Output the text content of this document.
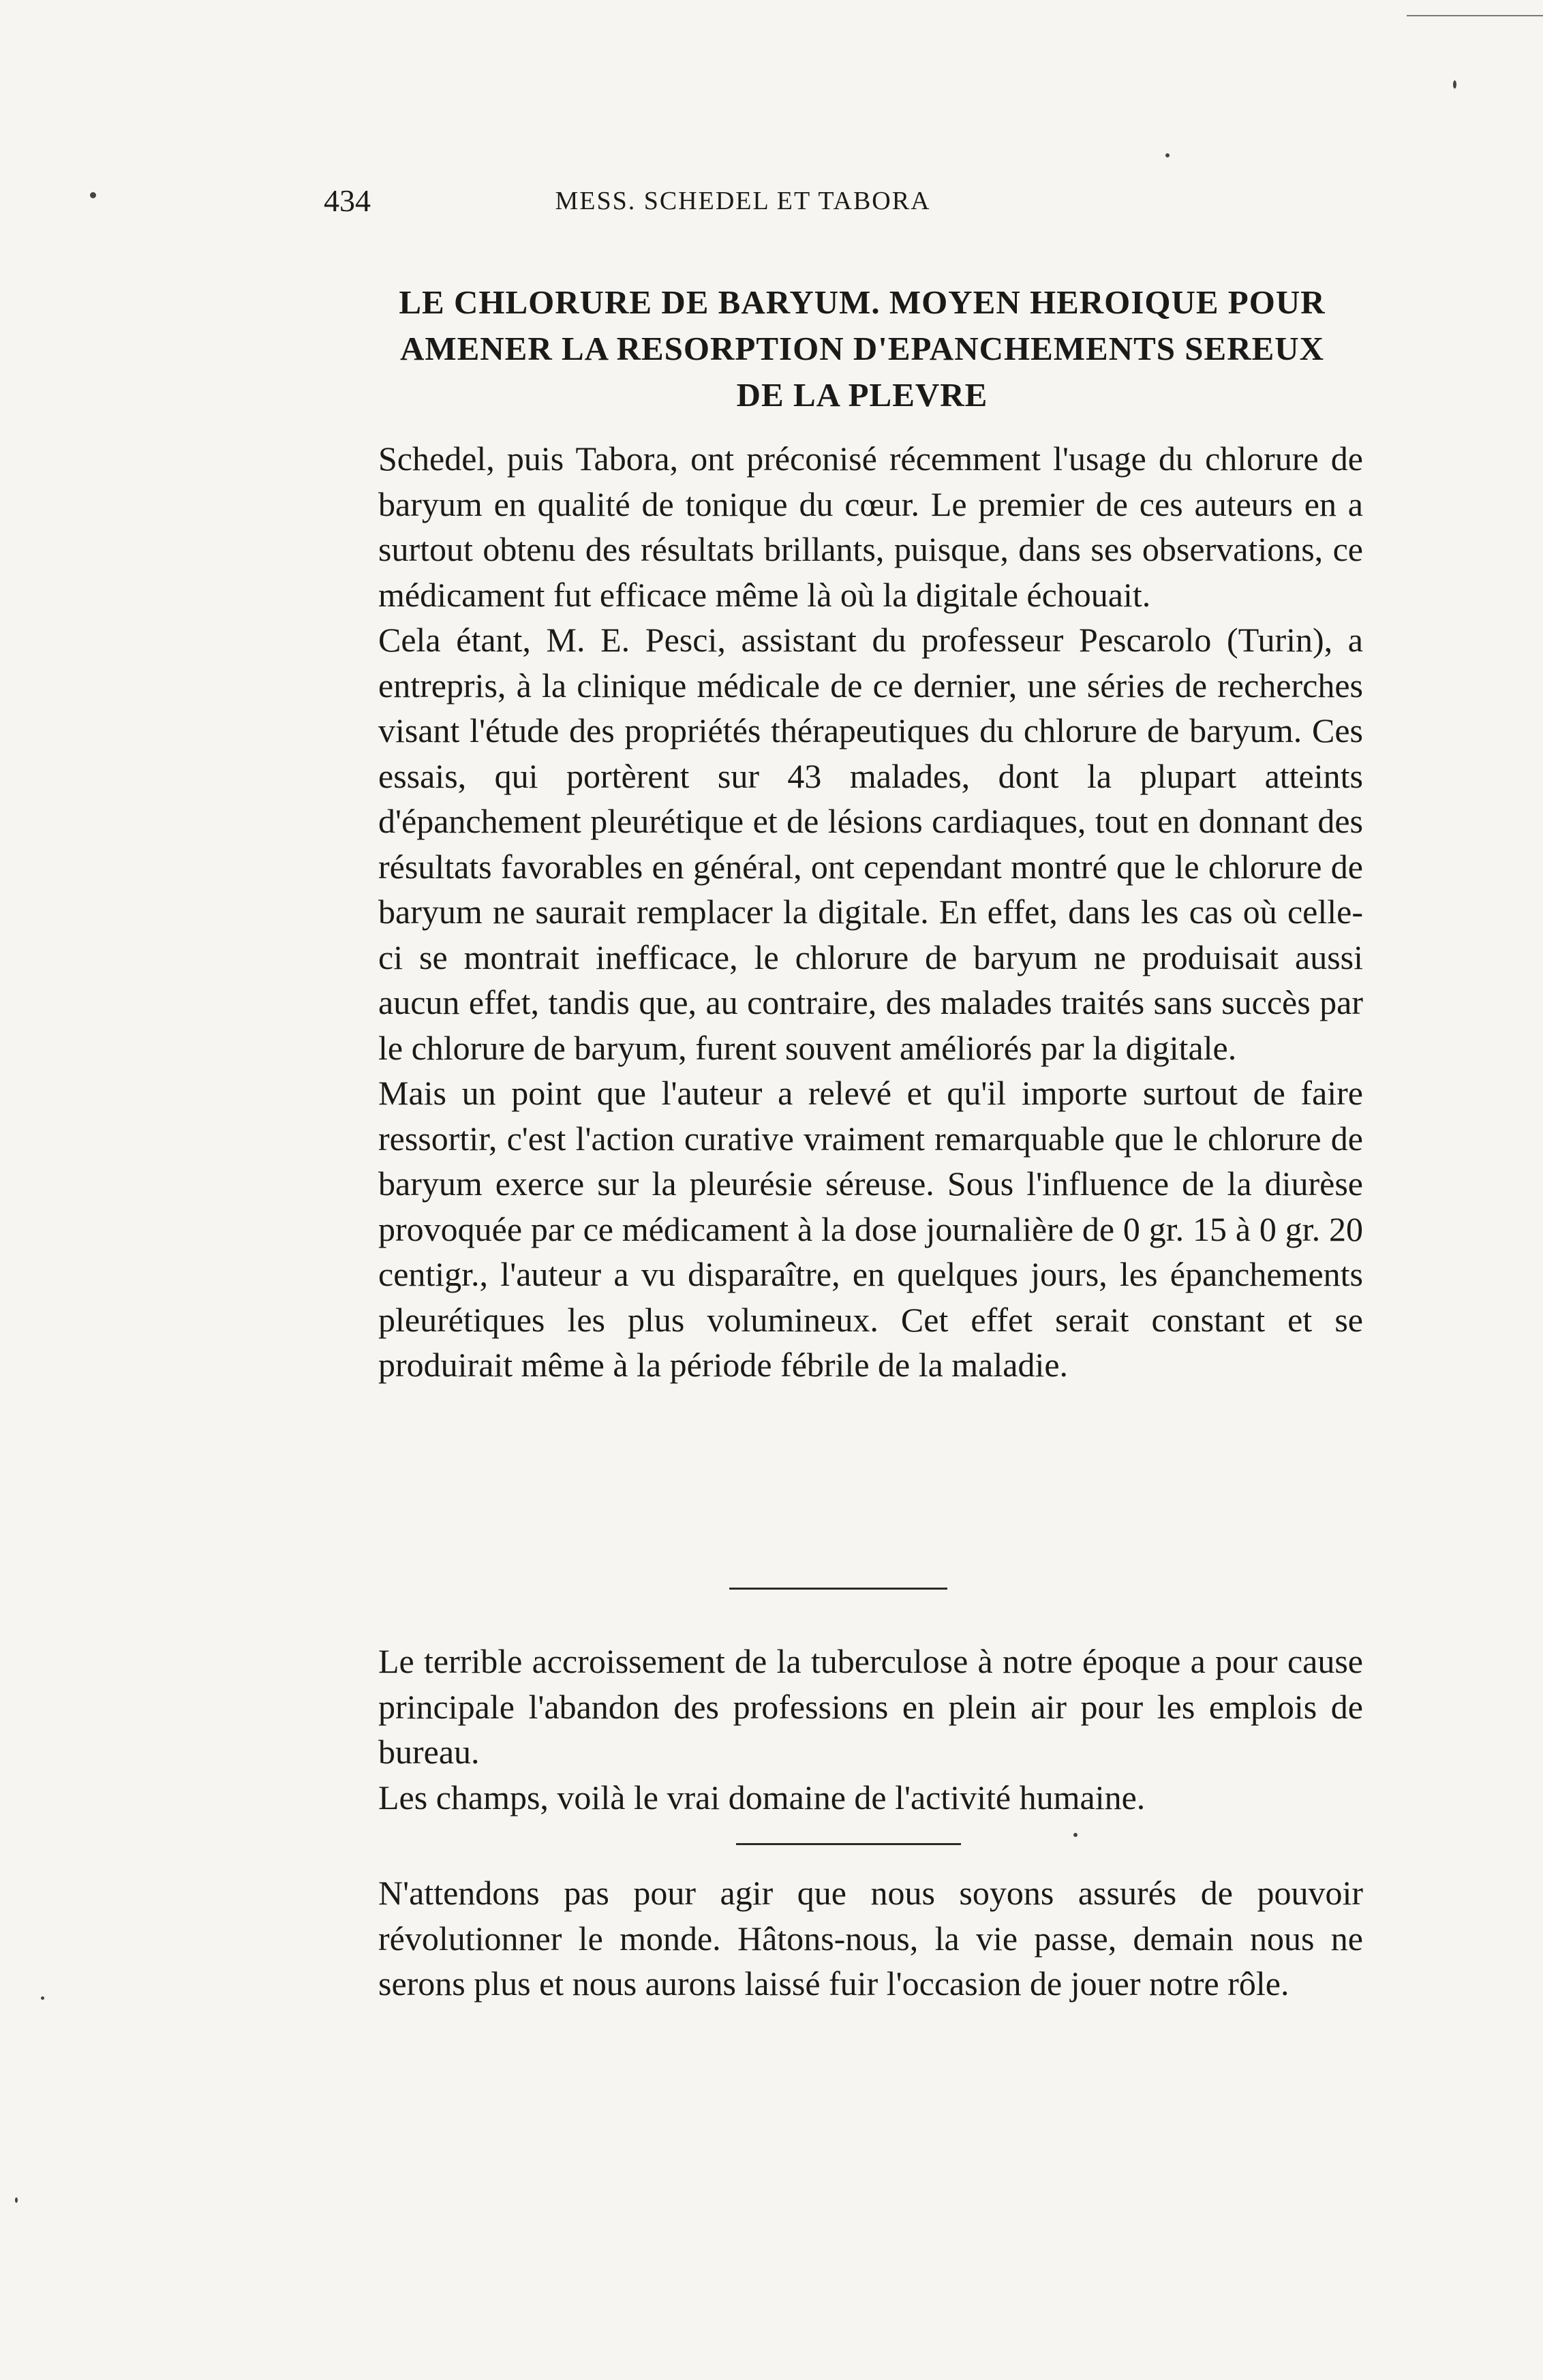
434	MESS. SCHEDEL ET TABORA
LE CHLORURE DE BARYUM. MOYEN HEROIQUE POUR
AMENER LA RESORPTION D'EPANCHEMENTS SEREUX
DE LA PLEVRE

Schedel, puis Tabora, ont préconisé récemment l'usage du chlorure de baryum en qualité de tonique du cœur. Le premier de ces auteurs en a surtout obtenu des résultats brillants, puisque, dans ses observations, ce médicament fut efficace même là où la digitale échouait.

Cela étant, M. E. Pesci, assistant du professeur Pescarolo (Turin), a entrepris, à la clinique médicale de ce dernier, une séries de recherches visant l'étude des propriétés thérapeutiques du chlorure de baryum. Ces essais, qui portèrent sur 43 malades, dont la plupart atteints d'épanchement pleurétique et de lésions cardiaques, tout en donnant des résultats favorables en général, ont cependant montré que le chlorure de baryum ne saurait remplacer la digitale. En effet, dans les cas où celle-ci se montrait inefficace, le chlorure de baryum ne produisait aussi aucun effet, tandis que, au contraire, des malades traités sans succès par le chlorure de baryum, furent souvent améliorés par la digitale.

Mais un point que l'auteur a relevé et qu'il importe surtout de faire ressortir, c'est l'action curative vraiment remarquable que le chlorure de baryum exerce sur la pleurésie séreuse. Sous l'influence de la diurèse provoquée par ce médicament à la dose journalière de 0 gr. 15 à 0 gr. 20 centigr., l'auteur a vu disparaître, en quelques jours, les épanchements pleurétiques les plus volumineux. Cet effet serait constant et se produirait même à la période fébrile de la maladie.

Le terrible accroissement de la tuberculose à notre époque a pour cause principale l'abandon des professions en plein air pour les emplois de bureau.

Les champs, voilà le vrai domaine de l'activité humaine.

N'attendons pas pour agir que nous soyons assurés de pouvoir révolutionner le monde. Hâtons-nous, la vie passe, demain nous ne serons plus et nous aurons laissé fuir l'occasion de jouer notre rôle.
